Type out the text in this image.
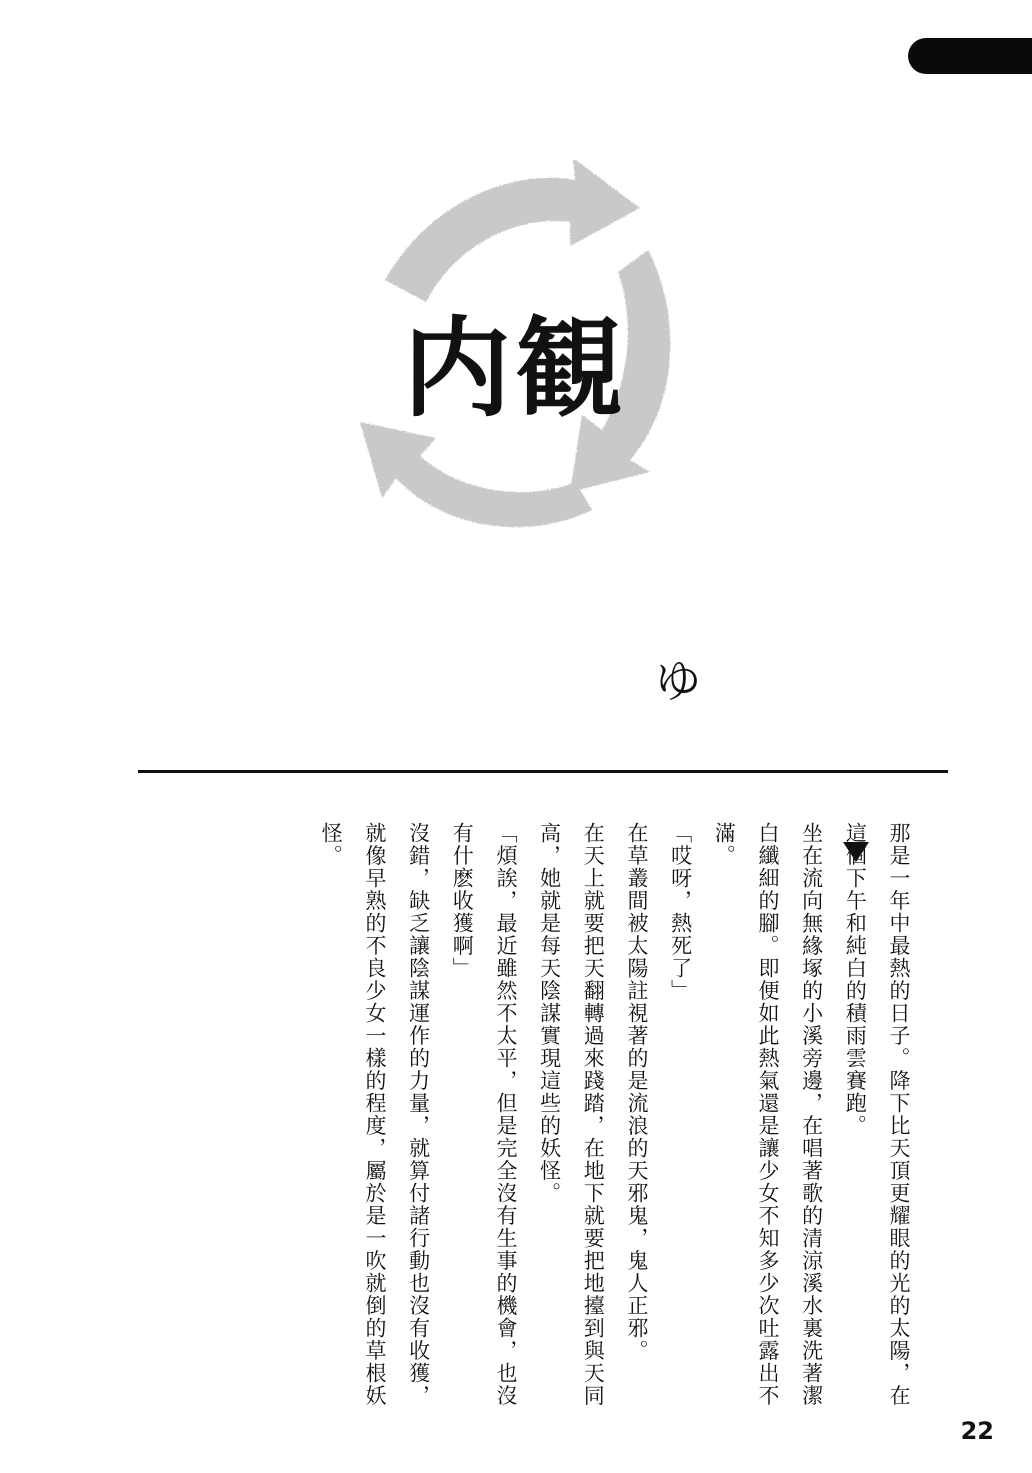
内観
ゆ

那是一年中最熱的日子。降下比天頂更耀眼的光的太陽，在這個下午和純白的積雨雲賽跑。

坐在流向無緣塚的小溪旁邊，在唱著歌的清涼溪水裏洗著潔白纖細的腳。即便如此熱氣還是讓少女不知多少次吐露出不滿。

「哎呀，熱死了」

在草叢間被太陽註視著的是流浪的天邪鬼，鬼人正邪。

在天上就要把天翻轉過來踐踏，在地下就要把地擡到與天同高，她就是每天陰謀實現這些的妖怪。

「煩誒，最近雖然不太平，但是完全沒有生事的機會，也沒有什麽收獲啊」

沒錯，缺乏讓陰謀運作的力量，就算付諸行動也沒有收獲，就像早熟的不良少女一樣的程度，屬於是一吹就倒的草根妖怪。

22
